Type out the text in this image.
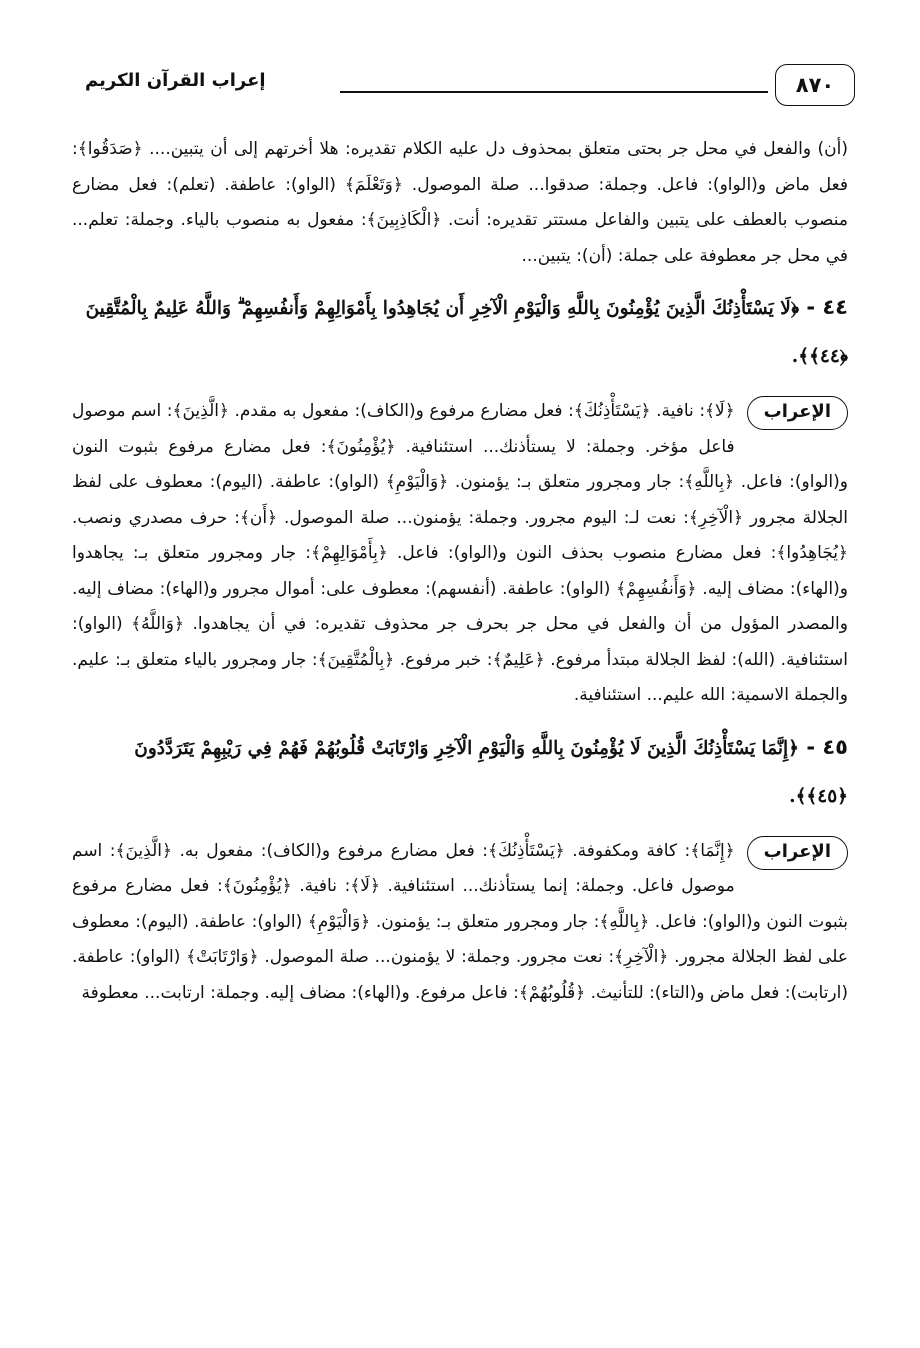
إعراب القرآن الكريم	٨٧٠

(أن) والفعل في محل جر بحتى متعلق بمحذوف دل عليه الكلام تقديره: هلا أخرتهم إلى أن يتبين.... ﴿صَدَقُوا﴾: فعل ماض و(الواو): فاعل. وجملة: صدقوا... صلة الموصول. ﴿وَتَعْلَمَ﴾ (الواو): عاطفة. (تعلم): فعل مضارع منصوب بالعطف على يتبين والفاعل مستتر تقديره: أنت. ﴿الْكَاذِبِينَ﴾: مفعول به منصوب بالياء. وجملة: تعلم... في محل جر معطوفة على جملة: (أن): يتبين...

٤٤ - ﴿لَا يَسْتَأْذِنُكَ الَّذِينَ يُؤْمِنُونَ بِاللَّهِ وَالْيَوْمِ الْآخِرِ أَن يُجَاهِدُوا بِأَمْوَالِهِمْ وَأَنفُسِهِمْ ۗ وَاللَّهُ عَلِيمٌ بِالْمُتَّقِينَ ﴿٤٤﴾﴾.
الإعراب

﴿لَا﴾: نافية. ﴿يَسْتَأْذِنُكَ﴾: فعل مضارع مرفوع و(الكاف): مفعول به مقدم. ﴿الَّذِينَ﴾: اسم موصول فاعل مؤخر. وجملة: لا يستأذنك... استئنافية. ﴿يُؤْمِنُونَ﴾: فعل مضارع مرفوع بثبوت النون و(الواو): فاعل. ﴿بِاللَّهِ﴾: جار ومجرور متعلق بـ: يؤمنون. ﴿وَالْيَوْمِ﴾ (الواو): عاطفة. (اليوم): معطوف على لفظ الجلالة مجرور ﴿الْآخِرِ﴾: نعت لـ: اليوم مجرور. وجملة: يؤمنون... صلة الموصول. ﴿أَن﴾: حرف مصدري ونصب. ﴿يُجَاهِدُوا﴾: فعل مضارع منصوب بحذف النون و(الواو): فاعل. ﴿بِأَمْوَالِهِمْ﴾: جار ومجرور متعلق بـ: يجاهدوا و(الهاء): مضاف إليه. ﴿وَأَنفُسِهِمْ﴾ (الواو): عاطفة. (أنفسهم): معطوف على: أموال مجرور و(الهاء): مضاف إليه. والمصدر المؤول من أن والفعل في محل جر بحرف جر محذوف تقديره: في أن يجاهدوا. ﴿وَاللَّهُ﴾ (الواو): استئنافية. (الله): لفظ الجلالة مبتدأ مرفوع. ﴿عَلِيمٌ﴾: خبر مرفوع. ﴿بِالْمُتَّقِينَ﴾: جار ومجرور بالياء متعلق بـ: عليم. والجملة الاسمية: الله عليم... استئنافية.

٤٥ - ﴿إِنَّمَا يَسْتَأْذِنُكَ الَّذِينَ لَا يُؤْمِنُونَ بِاللَّهِ وَالْيَوْمِ الْآخِرِ وَارْتَابَتْ قُلُوبُهُمْ فَهُمْ فِي رَيْبِهِمْ يَتَرَدَّدُونَ ﴿٤٥﴾﴾.
الإعراب

﴿إِنَّمَا﴾: كافة ومكفوفة. ﴿يَسْتَأْذِنُكَ﴾: فعل مضارع مرفوع و(الكاف): مفعول به. ﴿الَّذِينَ﴾: اسم موصول فاعل. وجملة: إنما يستأذنك... استئنافية. ﴿لَا﴾: نافية. ﴿يُؤْمِنُونَ﴾: فعل مضارع مرفوع بثبوت النون و(الواو): فاعل. ﴿بِاللَّهِ﴾: جار ومجرور متعلق بـ: يؤمنون. ﴿وَالْيَوْمِ﴾ (الواو): عاطفة. (اليوم): معطوف على لفظ الجلالة مجرور. ﴿الْآخِرِ﴾: نعت مجرور. وجملة: لا يؤمنون... صلة الموصول. ﴿وَارْتَابَتْ﴾ (الواو): عاطفة. (ارتابت): فعل ماض و(التاء): للتأنيث. ﴿قُلُوبُهُمْ﴾: فاعل مرفوع. و(الهاء): مضاف إليه. وجملة: ارتابت... معطوفة
